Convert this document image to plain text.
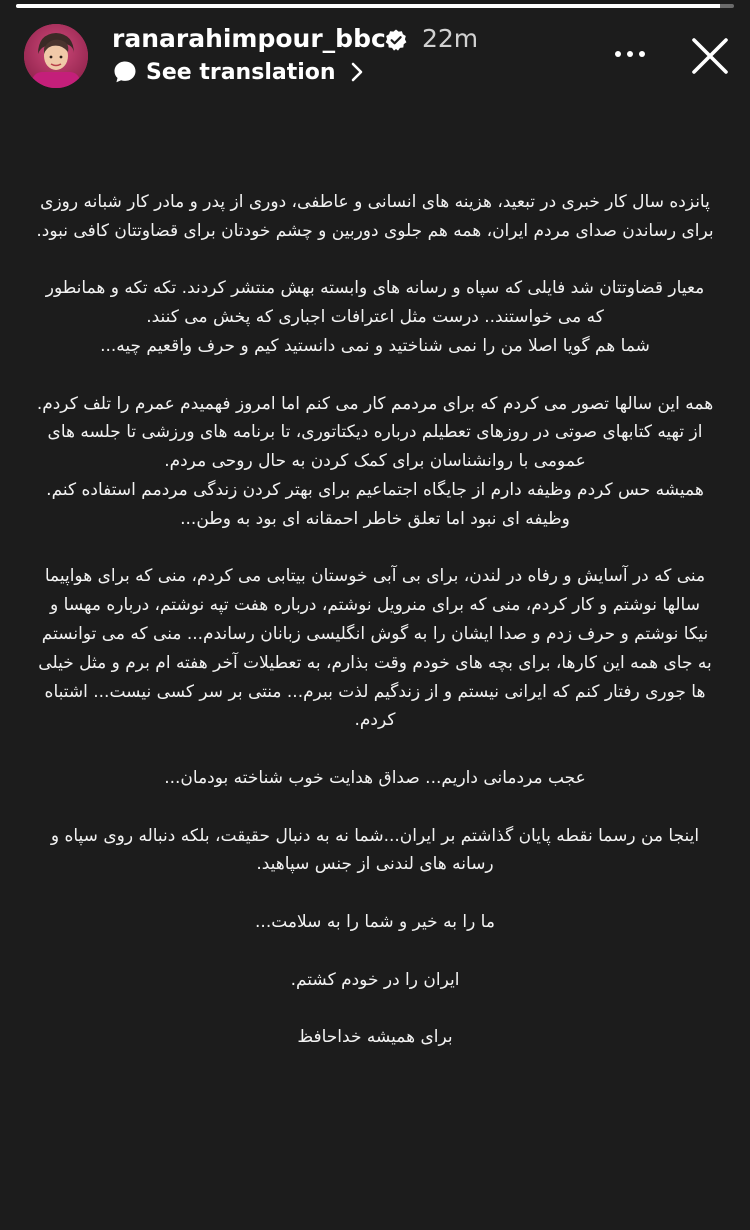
ranarahimpour_bbc 22m
See translation

پانزده سال کار خبری در تبعید، هزینه های انسانی و عاطفی، دوری از پدر و مادر کار شبانه روزی برای رساندن صدای مردم ایران، همه هم جلوی دوربین و چشم خودتان برای قضاوتتان کافی نبود.

معیار قضاوتتان شد فایلی که سپاه و رسانه های وابسته بهش منتشر کردند. تکه تکه و همانطور که می خواستند.. درست مثل اعترافات اجباری که پخش می کنند.
شما هم گویا اصلا من را نمی شناختید و نمی دانستید کیم و حرف واقعیم چیه...

همه این سالها تصور می کردم که برای مردمم کار می کنم اما امروز فهمیدم عمرم را تلف کردم. از تهیه کتابهای صوتی در روزهای تعطیلم درباره دیکتاتوری، تا برنامه های ورزشی تا جلسه های عمومی با روانشناسان برای کمک کردن به حال روحی مردم.
همیشه حس کردم وظیفه دارم از جایگاه اجتماعیم برای بهتر کردن زندگی مردمم استفاده کنم. وظیفه ای نبود اما تعلق خاطر احمقانه ای بود به وطن...

منی که در آسایش و رفاه در لندن، برای بی آبی خوستان بیتابی می کردم، منی که برای هواپیما سالها نوشتم و کار کردم، منی که برای منرویل نوشتم، درباره هفت تپه نوشتم، درباره مهسا و نیکا نوشتم و حرف زدم و صدا ایشان را به گوش انگلیسی زبانان رساندم... منی که می توانستم به جای همه این کارها، برای بچه های خودم وقت بذارم، به تعطیلات آخر هفته ام برم و مثل خیلی ها جوری رفتار کنم که ایرانی نیستم و از زندگیم لذت ببرم... منتی بر سر کسی نیست... اشتباه کردم.

عجب مردمانی داریم... صداق هدایت خوب شناخته بودمان...

اینجا من رسما نقطه پایان گذاشتم بر ایران...شما نه به دنبال حقیقت، بلکه دنباله روی سپاه و رسانه های لندنی از جنس سپاهید.

ما را به خیر و شما را به سلامت...

ایران را در خودم کشتم.

برای همیشه خداحافظ
